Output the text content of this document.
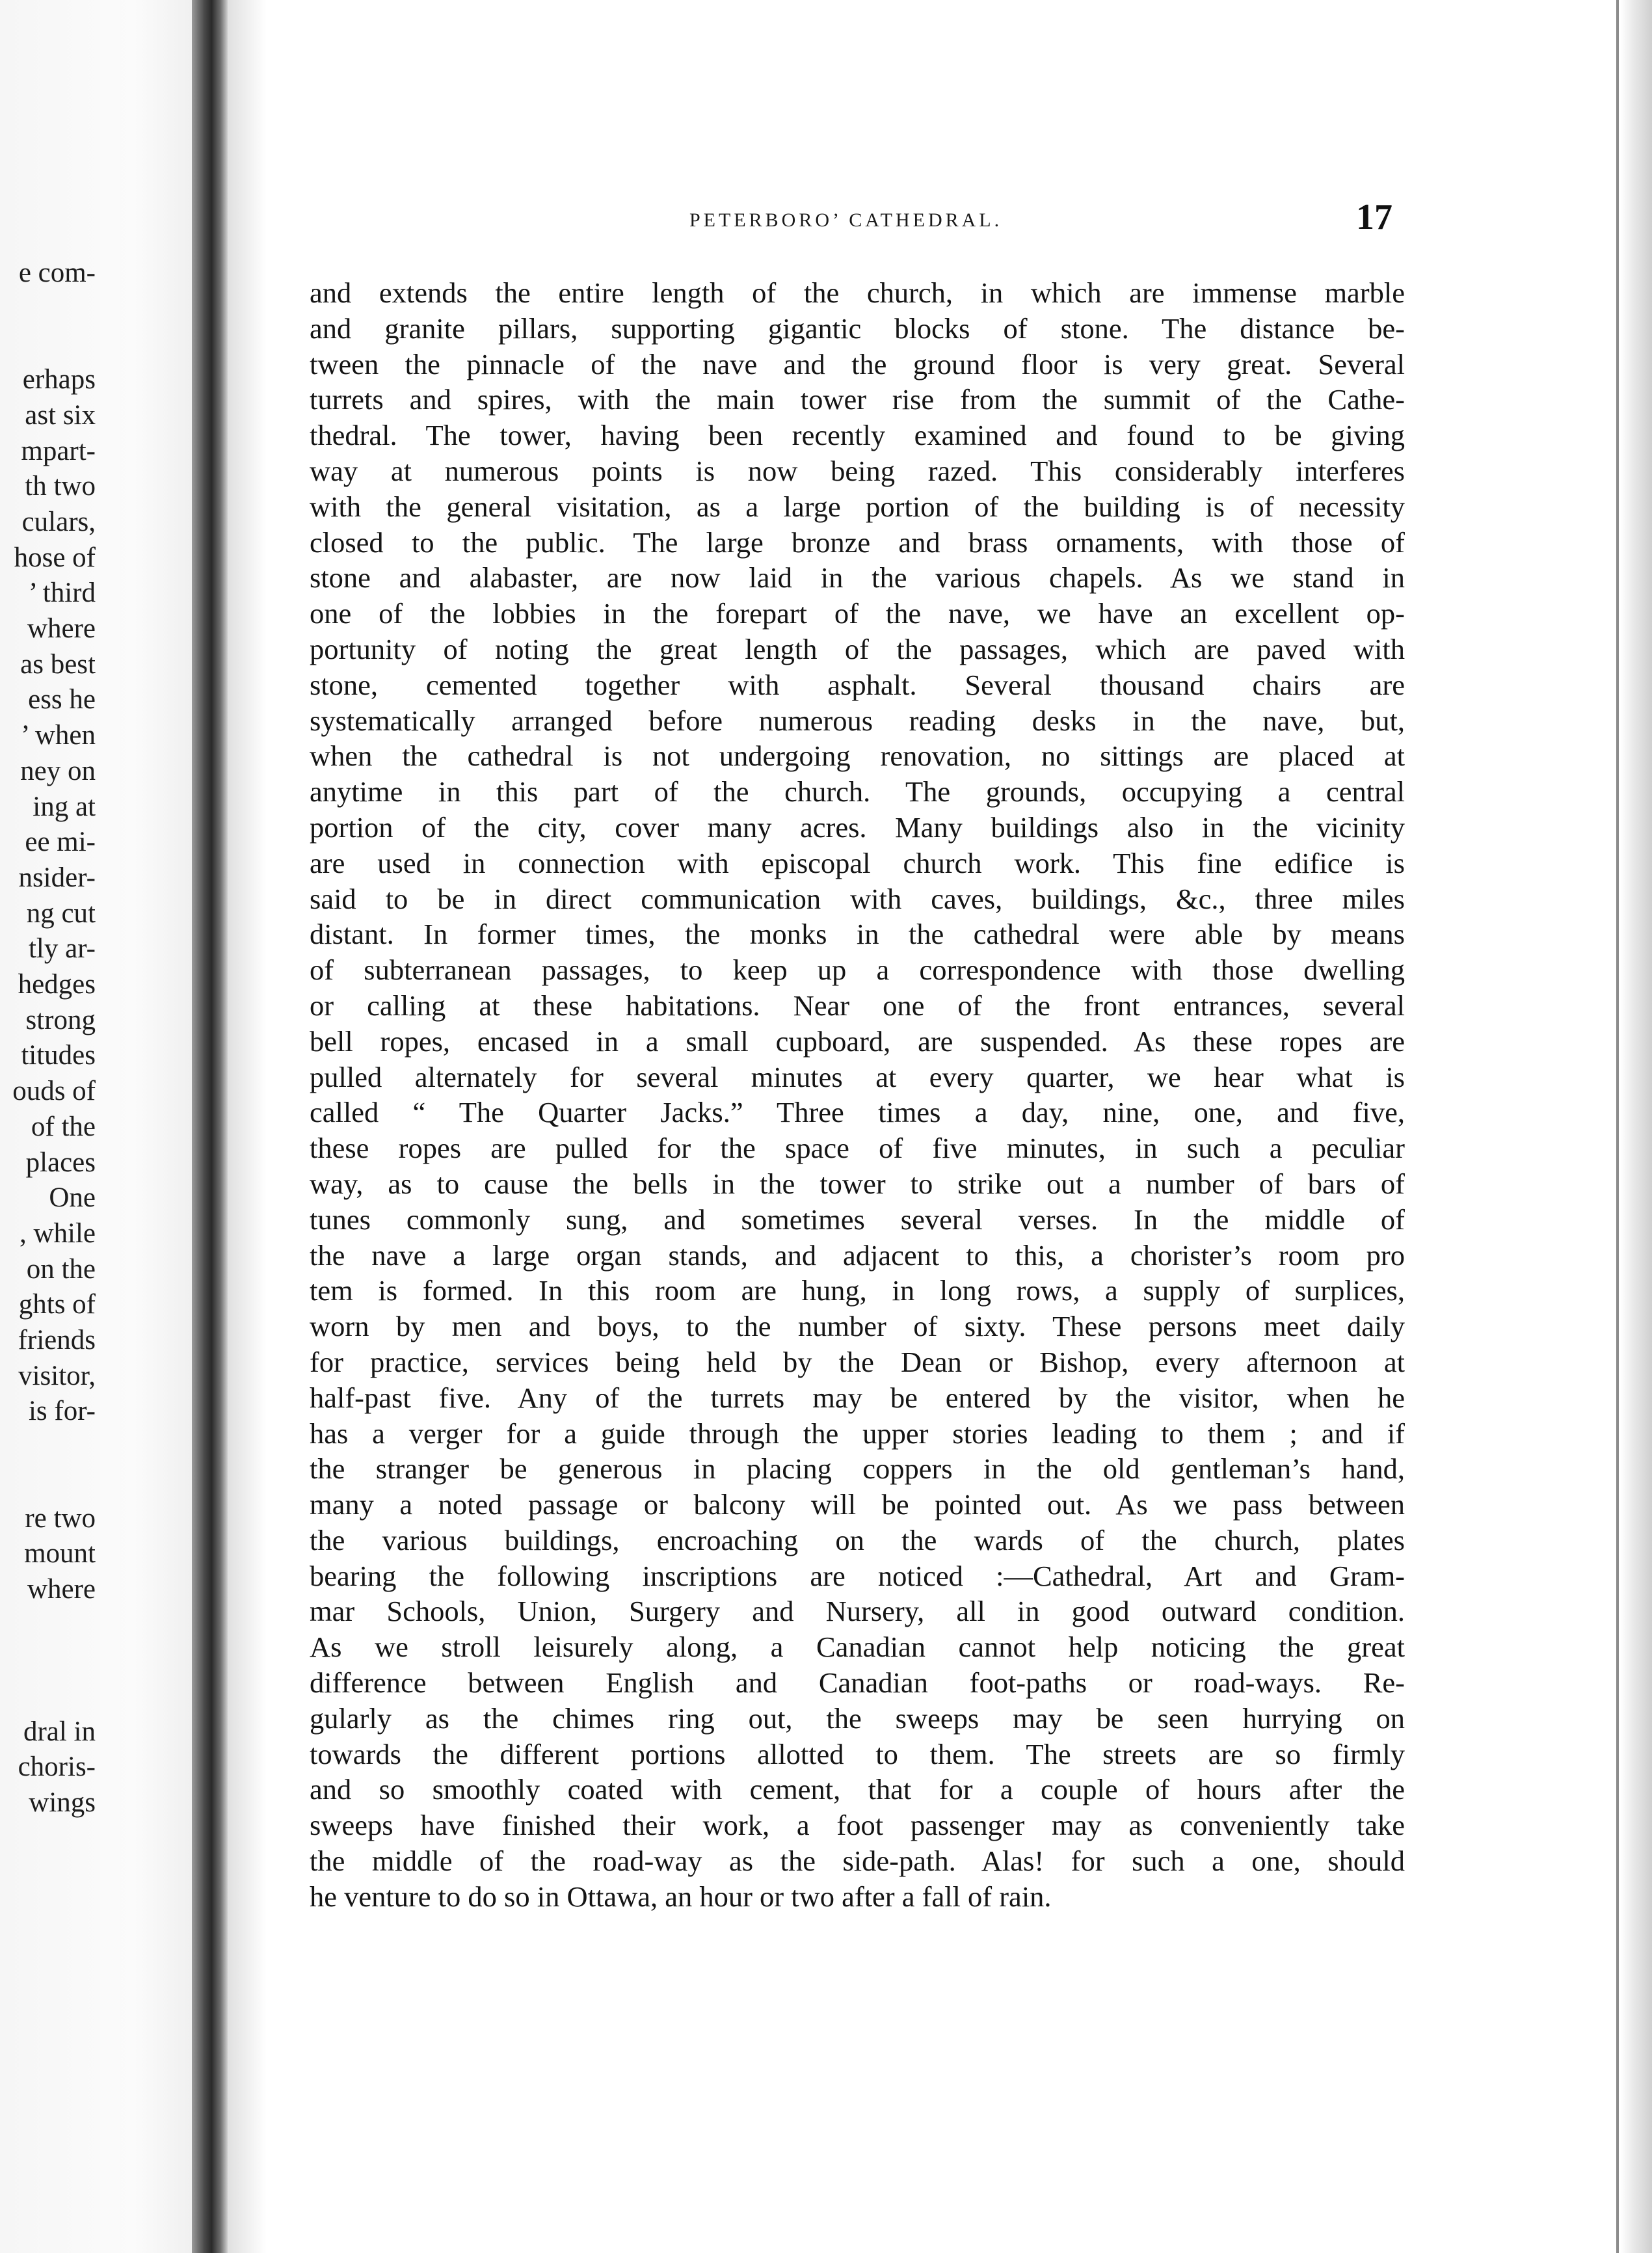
e com-
erhaps
ast six
mpart-
th two
culars,
hose of
’ third
where
as best
ess he
’ when
ney on
ing at
ee mi-
nsider-
ng cut
tly ar-
hedges
strong
titudes
ouds of
of the
places
One
, while
on the
ghts of
friends
visitor,
is for-
re two
mount
where
dral in
choris-
wings
PETERBORO’ CATHEDRAL.	17
and extends the entire length of the church, in which are immense marble
and granite pillars, supporting gigantic blocks of stone. The distance be-
tween the pinnacle of the nave and the ground floor is very great. Several
turrets and spires, with the main tower rise from the summit of the Cathe-
thedral. The tower, having been recently examined and found to be giving
way at numerous points is now being razed. This considerably interferes
with the general visitation, as a large portion of the building is of necessity
closed to the public. The large bronze and brass ornaments, with those of
stone and alabaster, are now laid in the various chapels. As we stand in
one of the lobbies in the forepart of the nave, we have an excellent op-
portunity of noting the great length of the passages, which are paved with
stone, cemented together with asphalt. Several thousand chairs are
systematically arranged before numerous reading desks in the nave, but,
when the cathedral is not undergoing renovation, no sittings are placed at
anytime in this part of the church. The grounds, occupying a central
portion of the city, cover many acres. Many buildings also in the vicinity
are used in connection with episcopal church work. This fine edifice is
said to be in direct communication with caves, buildings, &c., three miles
distant. In former times, the monks in the cathedral were able by means
of subterranean passages, to keep up a correspondence with those dwelling
or calling at these habitations. Near one of the front entrances, several
bell ropes, encased in a small cupboard, are suspended. As these ropes are
pulled alternately for several minutes at every quarter, we hear what is
called “ The Quarter Jacks.” Three times a day, nine, one, and five,
these ropes are pulled for the space of five minutes, in such a peculiar
way, as to cause the bells in the tower to strike out a number of bars of
tunes commonly sung, and sometimes several verses. In the middle of
the nave a large organ stands, and adjacent to this, a chorister’s room pro
tem is formed. In this room are hung, in long rows, a supply of surplices,
worn by men and boys, to the number of sixty. These persons meet daily
for practice, services being held by the Dean or Bishop, every afternoon at
half-past five. Any of the turrets may be entered by the visitor, when he
has a verger for a guide through the upper stories leading to them ; and if
the stranger be generous in placing coppers in the old gentleman’s hand,
many a noted passage or balcony will be pointed out. As we pass between
the various buildings, encroaching on the wards of the church, plates
bearing the following inscriptions are noticed :—Cathedral, Art and Gram-
mar Schools, Union, Surgery and Nursery, all in good outward condition.
As we stroll leisurely along, a Canadian cannot help noticing the great
difference between English and Canadian foot-paths or road-ways. Re-
gularly as the chimes ring out, the sweeps may be seen hurrying on
towards the different portions allotted to them. The streets are so firmly
and so smoothly coated with cement, that for a couple of hours after the
sweeps have finished their work, a foot passenger may as conveniently take
the middle of the road-way as the side-path. Alas! for such a one, should
he venture to do so in Ottawa, an hour or two after a fall of rain.
